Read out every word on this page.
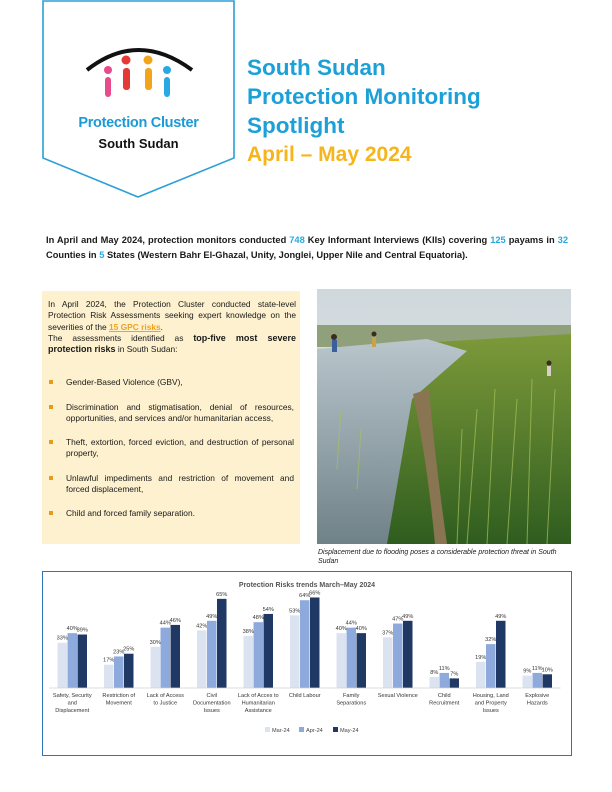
Protection Cluster
South Sudan
South Sudan
Protection Monitoring
Spotlight
April – May 2024
In April and May 2024, protection monitors conducted 748 Key Informant Interviews (KIIs) covering 125 payams in 32 Counties in 5 States (Western Bahr El-Ghazal, Unity, Jonglei, Upper Nile and Central Equatoria).
In April 2024, the Protection Cluster conducted state-level Protection Risk Assessments seeking expert knowledge on the severities of the 15 GPC risks.
The assessments identified as top-five most severe protection risks in South Sudan:
Gender-Based Violence (GBV),
Discrimination and stigmatisation, denial of resources, opportunities, and services and/or humanitarian access,
Theft, extortion, forced eviction, and destruction of personal property,
Unlawful impediments and restriction of movement and forced displacement,
Child and forced family separation.
Displacement due to flooding poses a considerable protection threat in South Sudan
Protection Risks trends March–May 2024
33%
40%
39%
Safety, Security
and
Displacement
17%
23%
25%
Restriction of
Movement
30%
44%
46%
Lack of Access
to Justice
42%
49%
65%
Civil
Documentation
Issues
38%
48%
54%
Lack of Acces to
Humanitarian
Assistance
53%
64%
66%
Child Labour
40%
44%
40%
Family
Separations
37%
47%
49%
Sexual Violence
8%
11%
7%
Child
Recruitment
19%
32%
49%
Housing, Land
and Property
Issues
9% 11% 10%
Explosive
Hazards
Mar-24	Apr-24	May-24
